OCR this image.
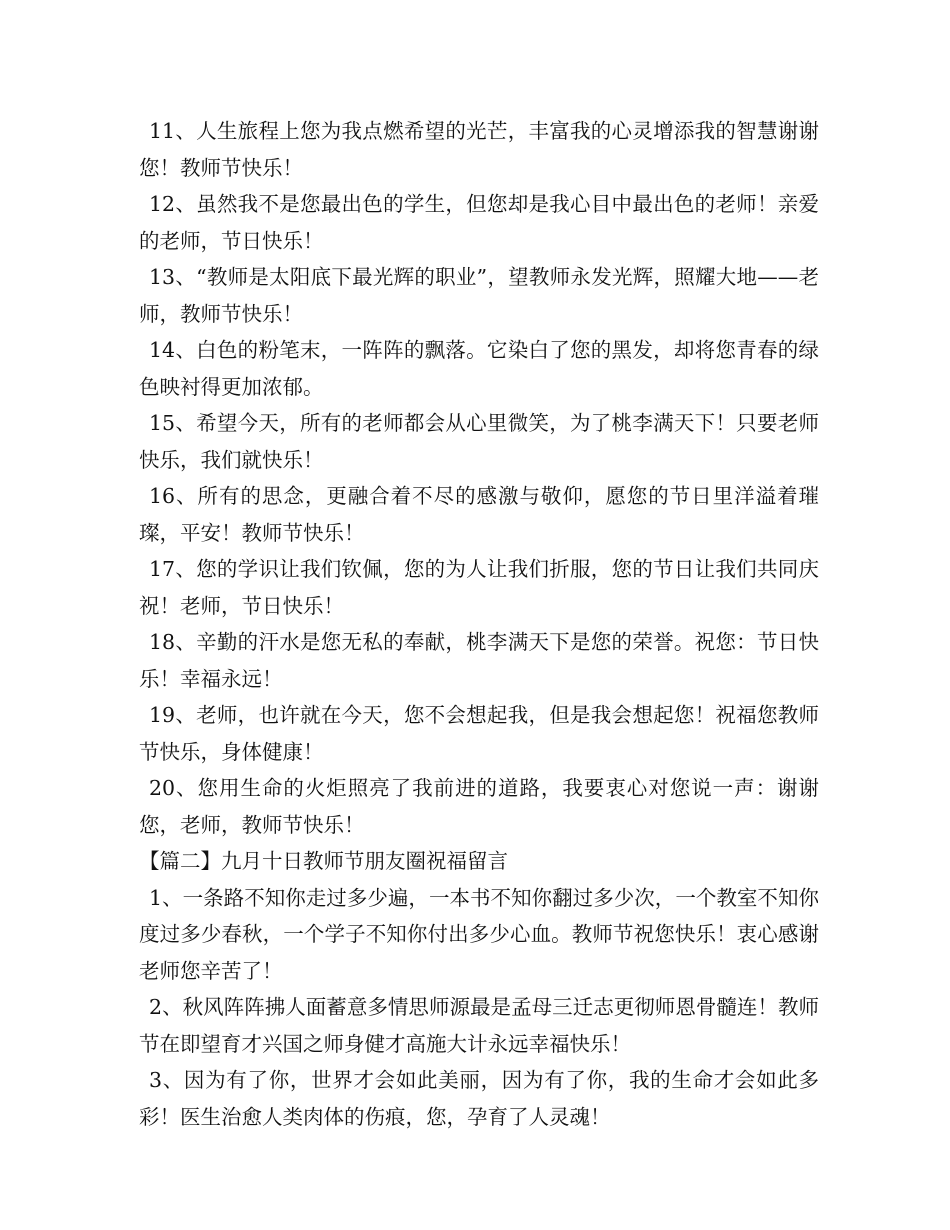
11、人生旅程上您为我点燃希望的光芒，丰富我的心灵增添我的智慧谢谢您！教师节快乐！

12、虽然我不是您最出色的学生，但您却是我心目中最出色的老师！亲爱的老师，节日快乐！

13、“教师是太阳底下最光辉的职业”，望教师永发光辉，照耀大地——老师，教师节快乐！

14、白色的粉笔末，一阵阵的飘落。它染白了您的黑发，却将您青春的绿色映衬得更加浓郁。

15、希望今天，所有的老师都会从心里微笑，为了桃李满天下！只要老师快乐，我们就快乐！

16、所有的思念，更融合着不尽的感激与敬仰，愿您的节日里洋溢着璀璨，平安！教师节快乐！

17、您的学识让我们钦佩，您的为人让我们折服，您的节日让我们共同庆祝！老师，节日快乐！

18、辛勤的汗水是您无私的奉献，桃李满天下是您的荣誉。祝您：节日快乐！幸福永远！

19、老师，也许就在今天，您不会想起我，但是我会想起您！祝福您教师节快乐，身体健康！

20、您用生命的火炬照亮了我前进的道路，我要衷心对您说一声：谢谢您，老师，教师节快乐！

【篇二】九月十日教师节朋友圈祝福留言

1、一条路不知你走过多少遍，一本书不知你翻过多少次，一个教室不知你度过多少春秋，一个学子不知你付出多少心血。教师节祝您快乐！衷心感谢老师您辛苦了！

2、秋风阵阵拂人面蓄意多情思师源最是孟母三迁志更彻师恩骨髓连！教师节在即望育才兴国之师身健才高施大计永远幸福快乐！

3、因为有了你，世界才会如此美丽，因为有了你，我的生命才会如此多彩！医生治愈人类肉体的伤痕，您，孕育了人灵魂！
